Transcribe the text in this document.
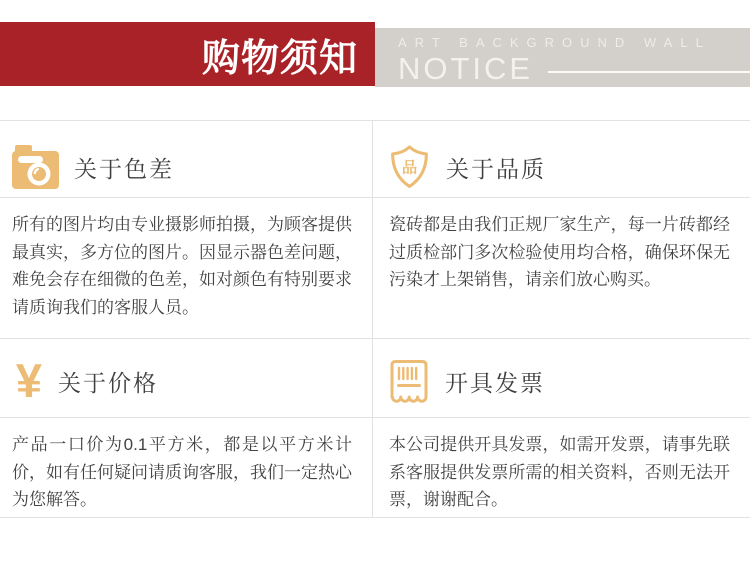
购物须知	ART BACKGROUND WALL
NOTICE
关于色差	品 关于品质

所有的图片均由专业摄影师拍摄，为顾客提供最真实，多方位的图片。因显示器色差问题，难免会存在细微的色差，如对颜色有特别要求请质询我们的客服人员。

瓷砖都是由我们正规厂家生产，每一片砖都经过质检部门多次检验使用均合格，确保环保无污染才上架销售，请亲们放心购买。

¥ 关于价格	开具发票

产品一口价为0.1平方米，都是以平方米计价，如有任何疑问请质询客服，我们一定热心为您解答。

本公司提供开具发票，如需开发票，请事先联系客服提供发票所需的相关资料，否则无法开票，谢谢配合。
